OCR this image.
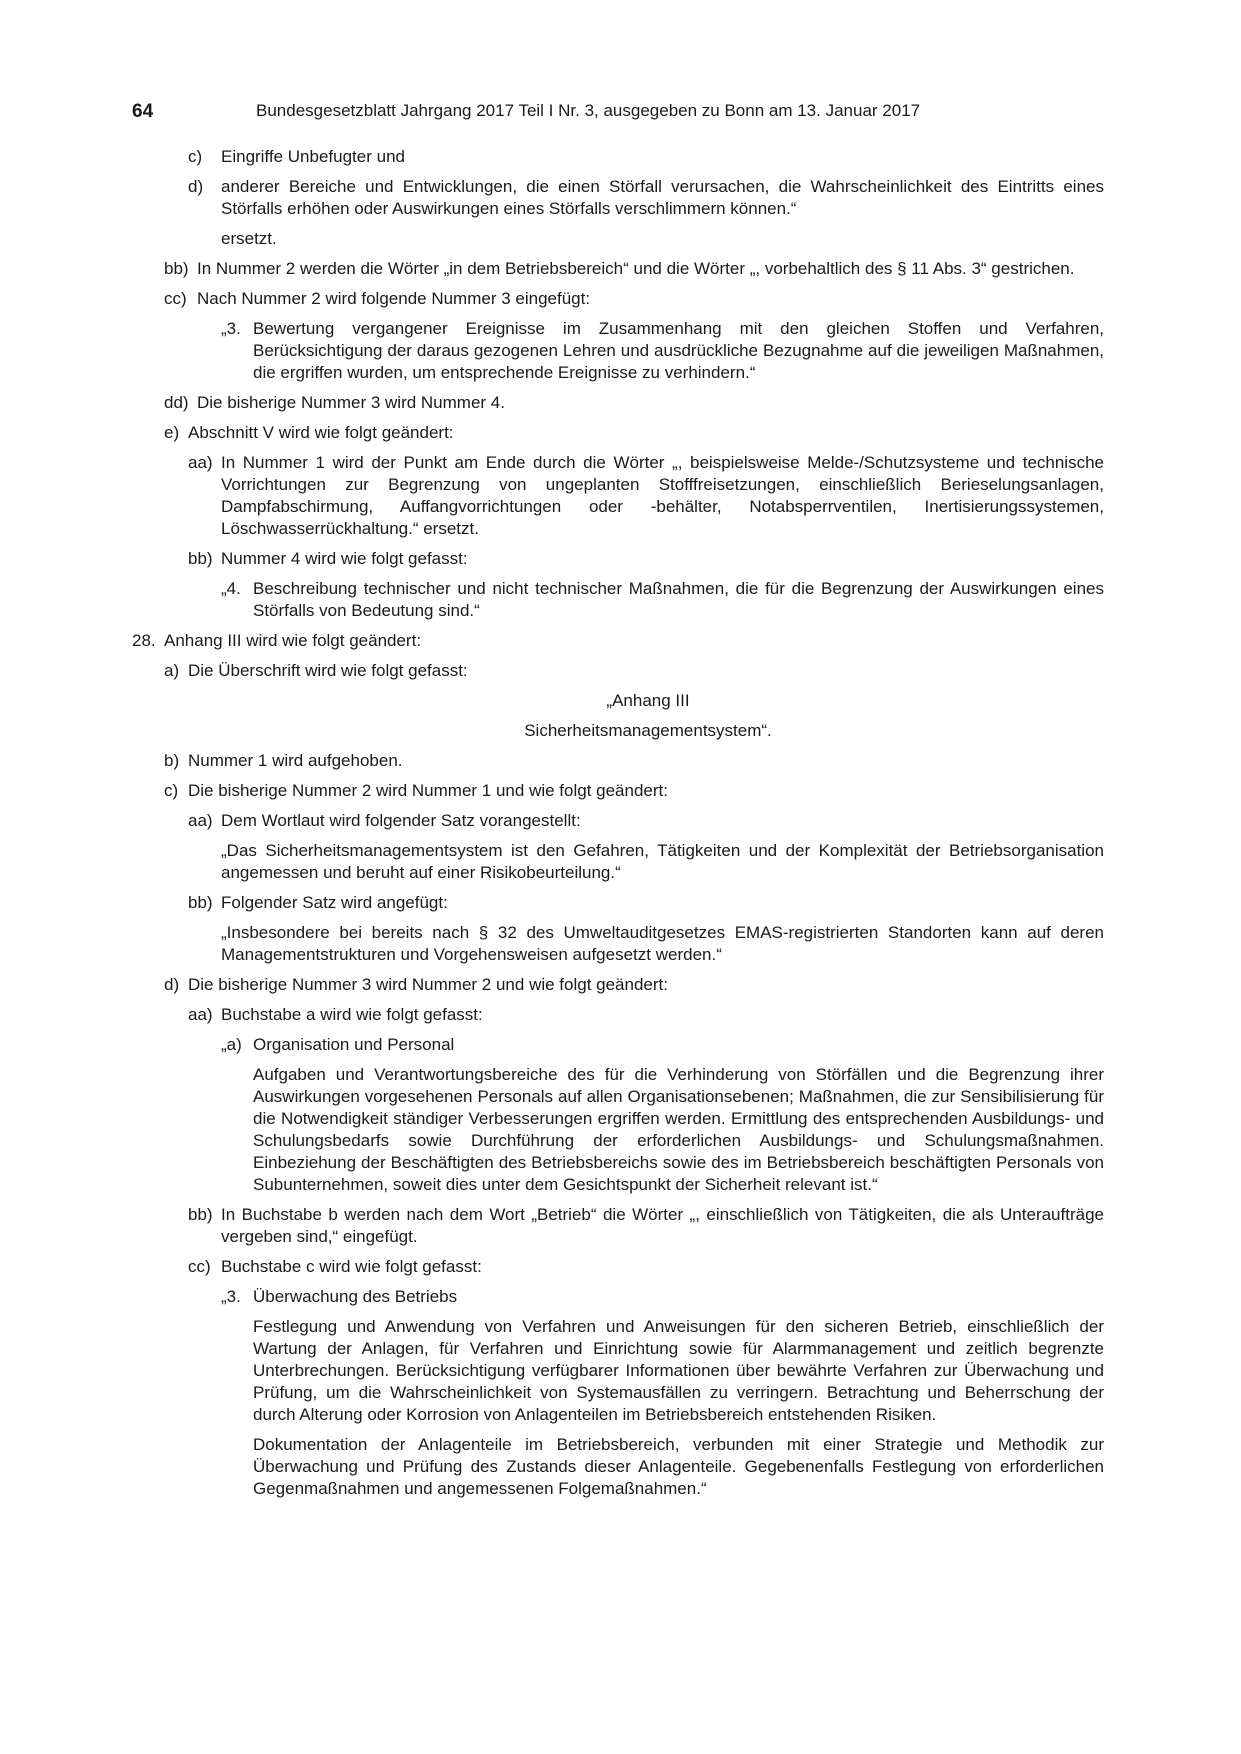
64	Bundesgesetzblatt Jahrgang 2017 Teil I Nr. 3, ausgegeben zu Bonn am 13. Januar 2017
c)	Eingriffe Unbefugter und
d)	anderer Bereiche und Entwicklungen, die einen Störfall verursachen, die Wahrscheinlichkeit des Eintritts eines Störfalls erhöhen oder Auswirkungen eines Störfalls verschlimmern können.“
ersetzt.
bb) In Nummer 2 werden die Wörter „in dem Betriebsbereich“ und die Wörter „, vorbehaltlich des § 11 Abs. 3“ gestrichen.
cc) Nach Nummer 2 wird folgende Nummer 3 eingefügt:
„3. Bewertung vergangener Ereignisse im Zusammenhang mit den gleichen Stoffen und Verfahren, Berücksichtigung der daraus gezogenen Lehren und ausdrückliche Bezugnahme auf die jeweiligen Maßnahmen, die ergriffen wurden, um entsprechende Ereignisse zu verhindern.“
dd) Die bisherige Nummer 3 wird Nummer 4.
e) Abschnitt V wird wie folgt geändert:
aa) In Nummer 1 wird der Punkt am Ende durch die Wörter „, beispielsweise Melde-/Schutzsysteme und technische Vorrichtungen zur Begrenzung von ungeplanten Stofffreisetzungen, einschließlich Berieselungsanlagen, Dampfabschirmung, Auffangvorrichtungen oder -behälter, Notabsperrventilen, Inertisierungssystemen, Löschwasserrückhaltung.“ ersetzt.
bb) Nummer 4 wird wie folgt gefasst:
„4. Beschreibung technischer und nicht technischer Maßnahmen, die für die Begrenzung der Auswirkungen eines Störfalls von Bedeutung sind.“
28. Anhang III wird wie folgt geändert:
a) Die Überschrift wird wie folgt gefasst:
„Anhang III
Sicherheitsmanagementsystem“.
b) Nummer 1 wird aufgehoben.
c) Die bisherige Nummer 2 wird Nummer 1 und wie folgt geändert:
aa) Dem Wortlaut wird folgender Satz vorangestellt:
„Das Sicherheitsmanagementsystem ist den Gefahren, Tätigkeiten und der Komplexität der Betriebsorganisation angemessen und beruht auf einer Risikobeurteilung.“
bb) Folgender Satz wird angefügt:
„Insbesondere bei bereits nach § 32 des Umweltauditgesetzes EMAS-registrierten Standorten kann auf deren Managementstrukturen und Vorgehensweisen aufgesetzt werden.“
d) Die bisherige Nummer 3 wird Nummer 2 und wie folgt geändert:
aa) Buchstabe a wird wie folgt gefasst:
„a) Organisation und Personal
Aufgaben und Verantwortungsbereiche des für die Verhinderung von Störfällen und die Begrenzung ihrer Auswirkungen vorgesehenen Personals auf allen Organisationsebenen; Maßnahmen, die zur Sensibilisierung für die Notwendigkeit ständiger Verbesserungen ergriffen werden. Ermittlung des entsprechenden Ausbildungs- und Schulungsbedarfs sowie Durchführung der erforderlichen Ausbildungs- und Schulungsmaßnahmen. Einbeziehung der Beschäftigten des Betriebsbereichs sowie des im Betriebsbereich beschäftigten Personals von Subunternehmen, soweit dies unter dem Gesichtspunkt der Sicherheit relevant ist.“
bb) In Buchstabe b werden nach dem Wort „Betrieb“ die Wörter „, einschließlich von Tätigkeiten, die als Unteraufträge vergeben sind,“ eingefügt.
cc) Buchstabe c wird wie folgt gefasst:
„3. Überwachung des Betriebs
Festlegung und Anwendung von Verfahren und Anweisungen für den sicheren Betrieb, einschließlich der Wartung der Anlagen, für Verfahren und Einrichtung sowie für Alarmmanagement und zeitlich begrenzte Unterbrechungen. Berücksichtigung verfügbarer Informationen über bewährte Verfahren zur Überwachung und Prüfung, um die Wahrscheinlichkeit von Systemausfällen zu verringern. Betrachtung und Beherrschung der durch Alterung oder Korrosion von Anlagenteilen im Betriebsbereich entstehenden Risiken.
Dokumentation der Anlagenteile im Betriebsbereich, verbunden mit einer Strategie und Methodik zur Überwachung und Prüfung des Zustands dieser Anlagenteile. Gegebenenfalls Festlegung von erforderlichen Gegenmaßnahmen und angemessenen Folgemaßnahmen.“
